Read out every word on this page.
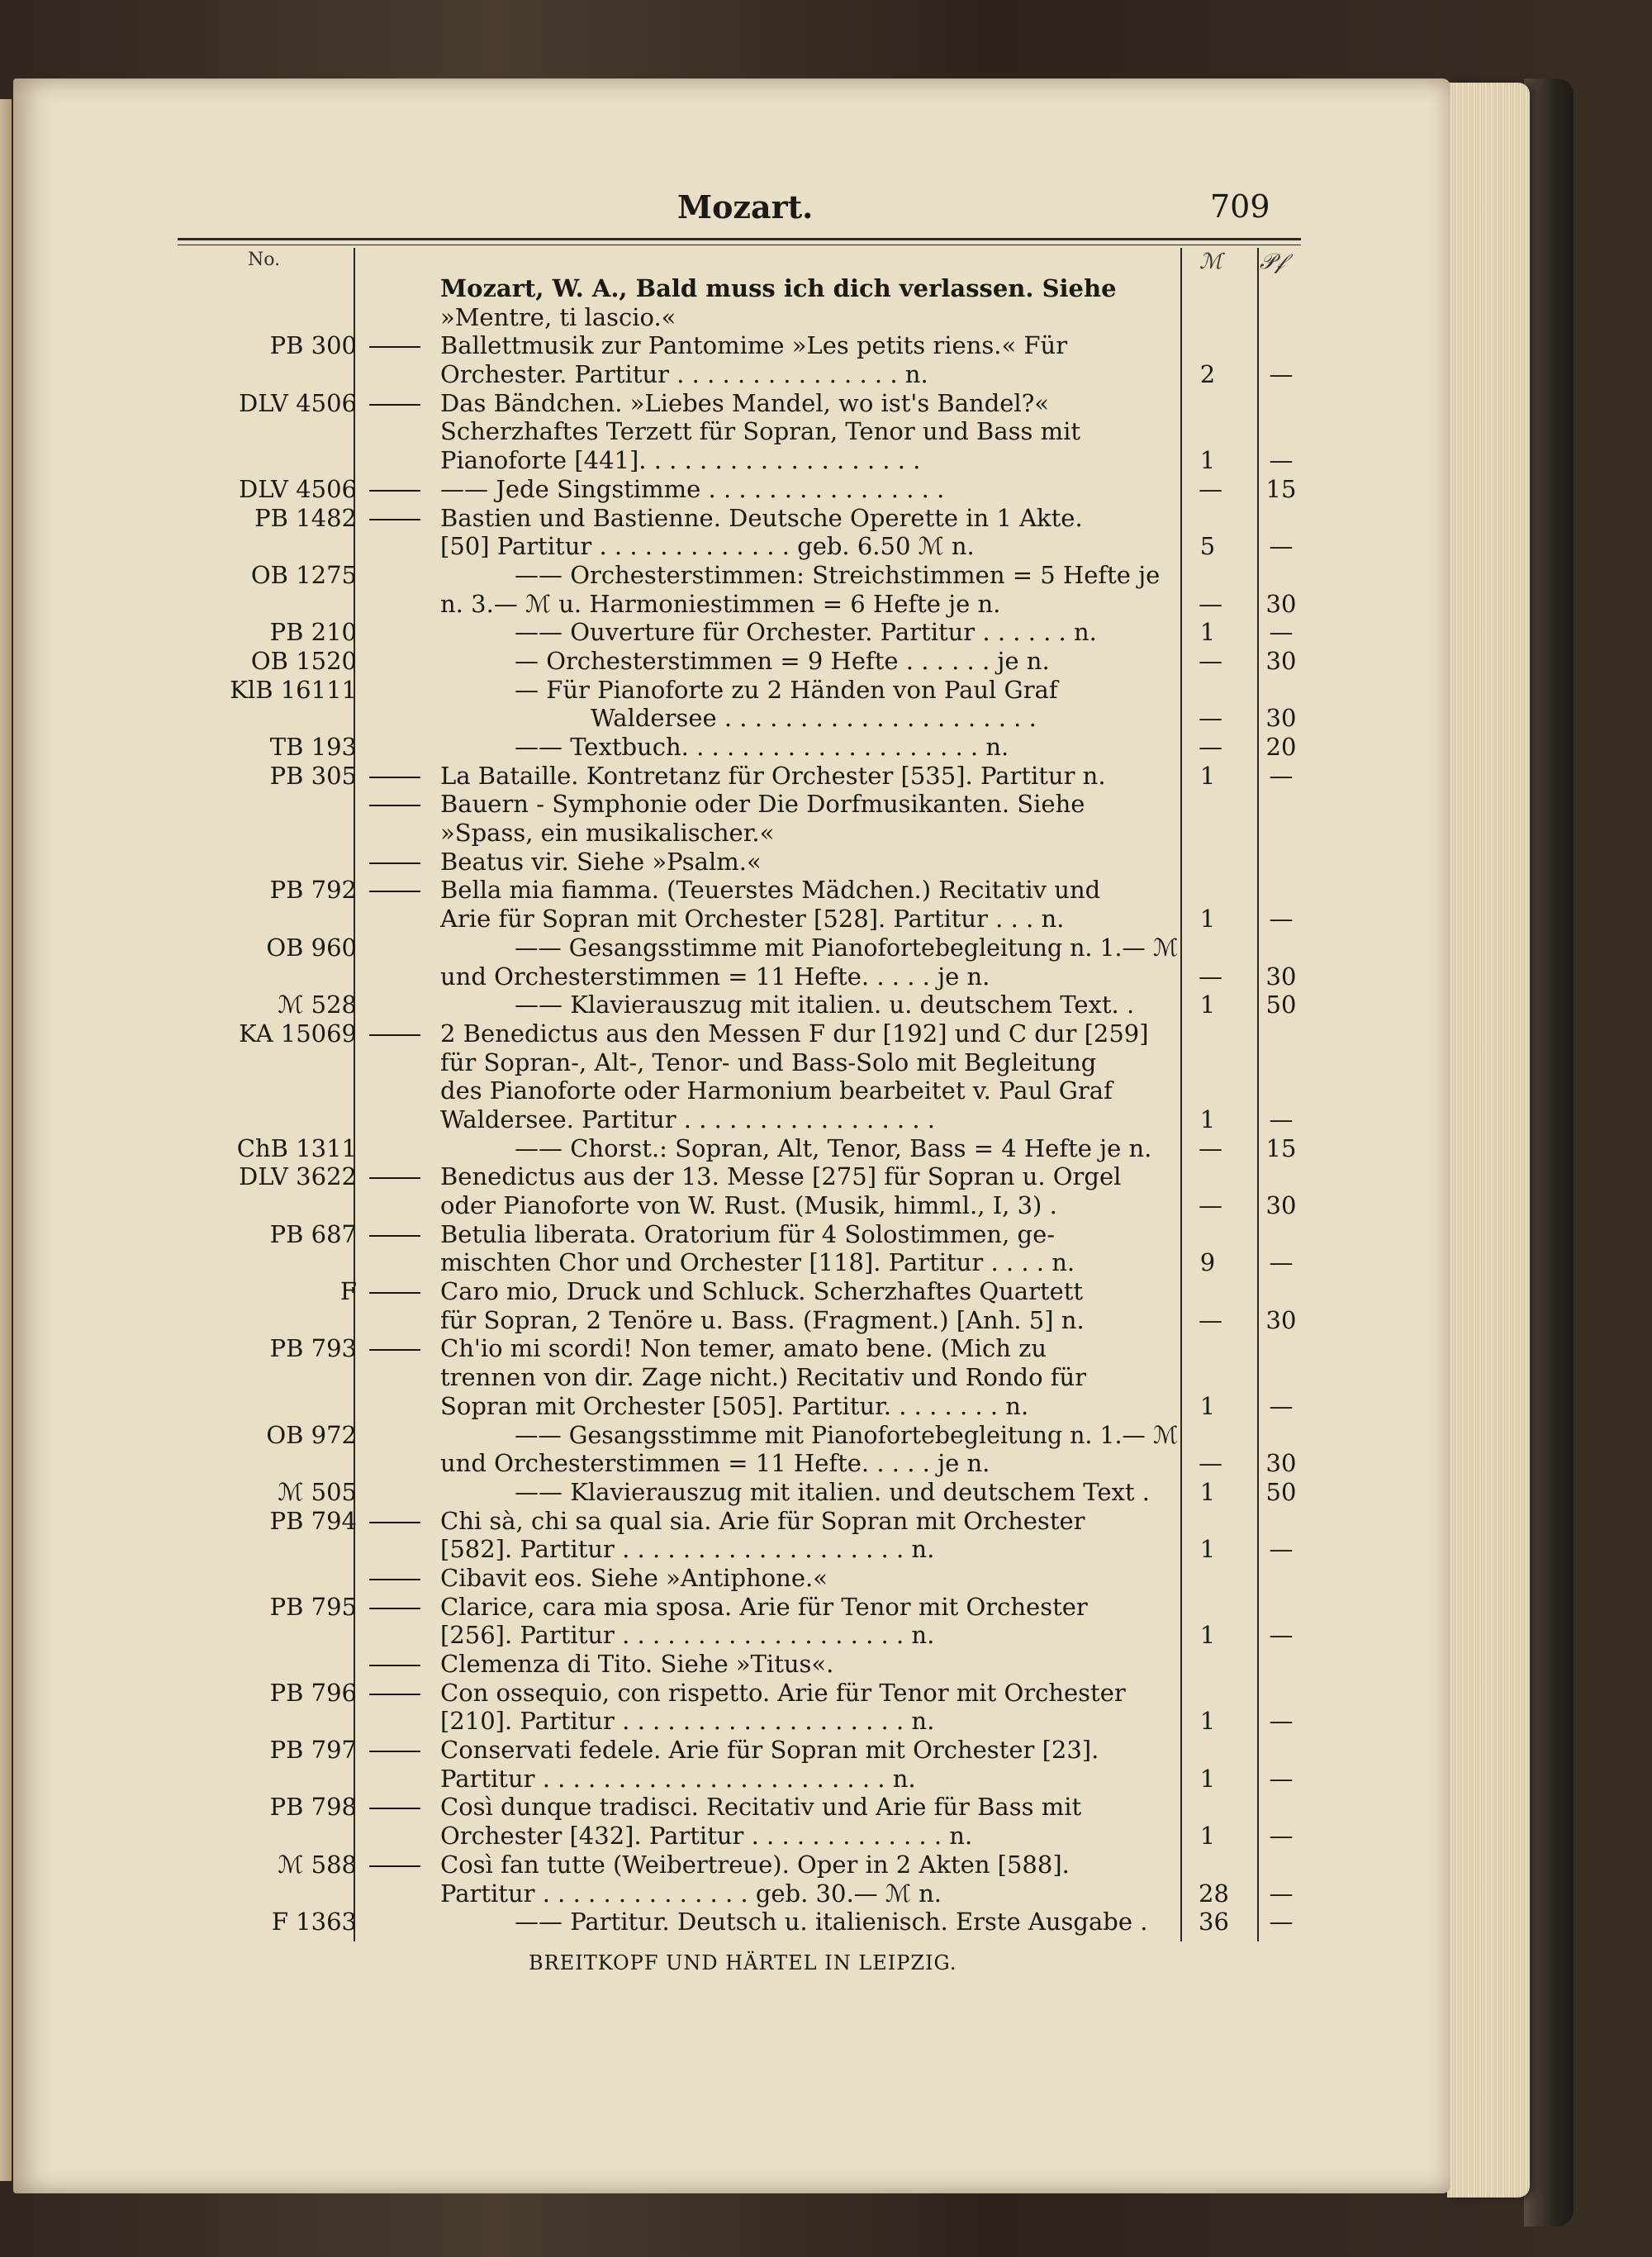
Mozart.	709
No.	ℳ 𝒫𝒻
Mozart, W. A., Bald muss ich dich verlassen. Siehe
»Mentre, ti lascio.«
PB 300	Ballettmusik zur Pantomime »Les petits riens.« Für
Orchester. Partitur . . . . . . . . . . . . . . . n.	2 —
DLV 4506	Das Bändchen. »Liebes Mandel, wo ist's Bandel?«
Scherzhaftes Terzett für Sopran, Tenor und Bass mit
Pianoforte [441]. . . . . . . . . . . . . . . . . . .	1 —
DLV 4506	—— Jede Singstimme . . . . . . . . . . . . . . . .	— 15
PB 1482	Bastien und Bastienne. Deutsche Operette in 1 Akte.
[50] Partitur . . . . . . . . . . . . . geb. 6.50 ℳ n.	5 —
OB 1275	—— Orchesterstimmen: Streichstimmen = 5 Hefte je
n. 3.— ℳ u. Harmoniestimmen = 6 Hefte je n.	— 30
PB 210	—— Ouverture für Orchester. Partitur . . . . . . n.	1 —
OB 1520	— Orchesterstimmen = 9 Hefte . . . . . . je n.	— 30
KlB 16111	— Für Pianoforte zu 2 Händen von Paul Graf
Waldersee . . . . . . . . . . . . . . . . . . . . .	— 30
TB 193	—— Textbuch. . . . . . . . . . . . . . . . . . . . n.	— 20
PB 305	La Bataille. Kontretanz für Orchester [535]. Partitur n.	1 —
Bauern - Symphonie oder Die Dorfmusikanten. Siehe
»Spass, ein musikalischer.«
Beatus vir. Siehe »Psalm.«
PB 792	Bella mia fiamma. (Teuerstes Mädchen.) Recitativ und
Arie für Sopran mit Orchester [528]. Partitur . . . n.	1 —
OB 960	—— Gesangsstimme mit Pianofortebegleitung n. 1.— ℳ
und Orchesterstimmen = 11 Hefte. . . . . je n.	— 30
ℳ 528	—— Klavierauszug mit italien. u. deutschem Text. .	1 50
KA 15069	2 Benedictus aus den Messen F dur [192] und C dur [259]
für Sopran-, Alt-, Tenor- und Bass-Solo mit Begleitung
des Pianoforte oder Harmonium bearbeitet v. Paul Graf
Waldersee. Partitur . . . . . . . . . . . . . . . . .	1 —
ChB 1311	—— Chorst.: Sopran, Alt, Tenor, Bass = 4 Hefte je n. — 15
DLV 3622	Benedictus aus der 13. Messe [275] für Sopran u. Orgel
oder Pianoforte von W. Rust. (Musik, himml., I, 3) .	— 30
PB 687	Betulia liberata. Oratorium für 4 Solostimmen, ge-
mischten Chor und Orchester [118]. Partitur . . . . n.	9 —
F	Caro mio, Druck und Schluck. Scherzhaftes Quartett
für Sopran, 2 Tenöre u. Bass. (Fragment.) [Anh. 5] n.	— 30
PB 793	Ch'io mi scordi! Non temer, amato bene. (Mich zu
trennen von dir. Zage nicht.) Recitativ und Rondo für
Sopran mit Orchester [505]. Partitur. . . . . . . . n.	1 —
OB 972	—— Gesangsstimme mit Pianofortebegleitung n. 1.— ℳ
und Orchesterstimmen = 11 Hefte. . . . . je n.	— 30
ℳ 505	—— Klavierauszug mit italien. und deutschem Text . 1 50
PB 794	Chi sà, chi sa qual sia. Arie für Sopran mit Orchester
[582]. Partitur . . . . . . . . . . . . . . . . . . . n.	1 —
Cibavit eos. Siehe »Antiphone.«
PB 795	Clarice, cara mia sposa. Arie für Tenor mit Orchester
[256]. Partitur . . . . . . . . . . . . . . . . . . . n.	1 —
Clemenza di Tito. Siehe »Titus«.
PB 796	Con ossequio, con rispetto. Arie für Tenor mit Orchester
[210]. Partitur . . . . . . . . . . . . . . . . . . . n.	1 —
PB 797	Conservati fedele. Arie für Sopran mit Orchester [23].
Partitur . . . . . . . . . . . . . . . . . . . . . . . n.	1 —
PB 798	Così dunque tradisci. Recitativ und Arie für Bass mit
Orchester [432]. Partitur . . . . . . . . . . . . . n.	1 —
ℳ 588	Così fan tutte (Weibertreue). Oper in 2 Akten [588].
Partitur . . . . . . . . . . . . . . geb. 30.— ℳ n.	28 —
F 1363	—— Partitur. Deutsch u. italienisch. Erste Ausgabe . 36 —
BREITKOPF UND HÄRTEL IN LEIPZIG.
